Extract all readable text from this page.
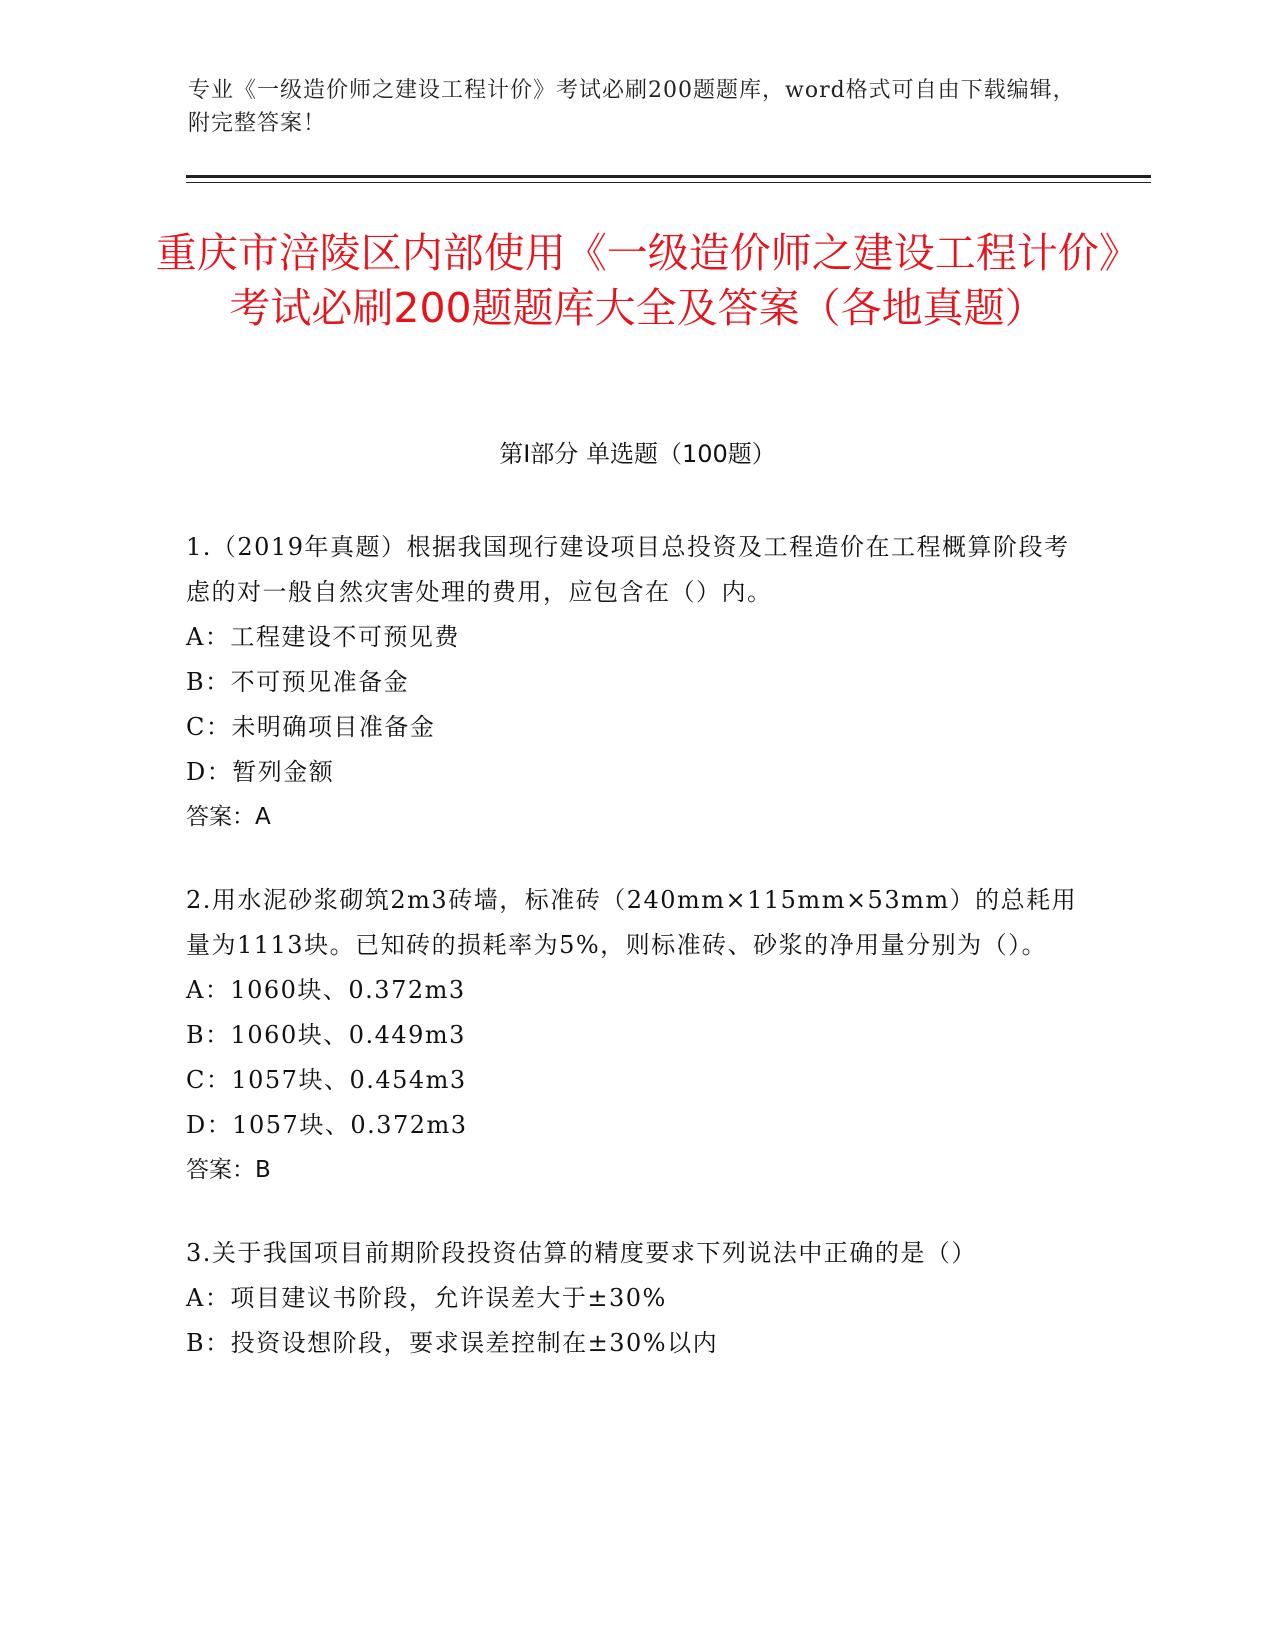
专业《一级造价师之建设工程计价》考试必刷200题题库，word格式可自由下载编辑，附完整答案！
重庆市涪陵区内部使用《一级造价师之建设工程计价》考试必刷200题题库大全及答案（各地真题）
第I部分 单选题（100题）

1.（2019年真题）根据我国现行建设项目总投资及工程造价在工程概算阶段考虑的对一般自然灾害处理的费用，应包含在（）内。

A：工程建设不可预见费

B：不可预见准备金

C：未明确项目准备金

D：暂列金额

答案：A

2.用水泥砂浆砌筑2m3砖墙，标准砖（240mm×115mm×53mm）的总耗用量为1113块。已知砖的损耗率为5%，则标准砖、砂浆的净用量分别为（）。

A：1060块、0.372m3

B：1060块、0.449m3

C：1057块、0.454m3

D：1057块、0.372m3

答案：B

3.关于我国项目前期阶段投资估算的精度要求下列说法中正确的是（）

A：项目建议书阶段，允许误差大于±30%

B：投资设想阶段，要求误差控制在±30%以内
